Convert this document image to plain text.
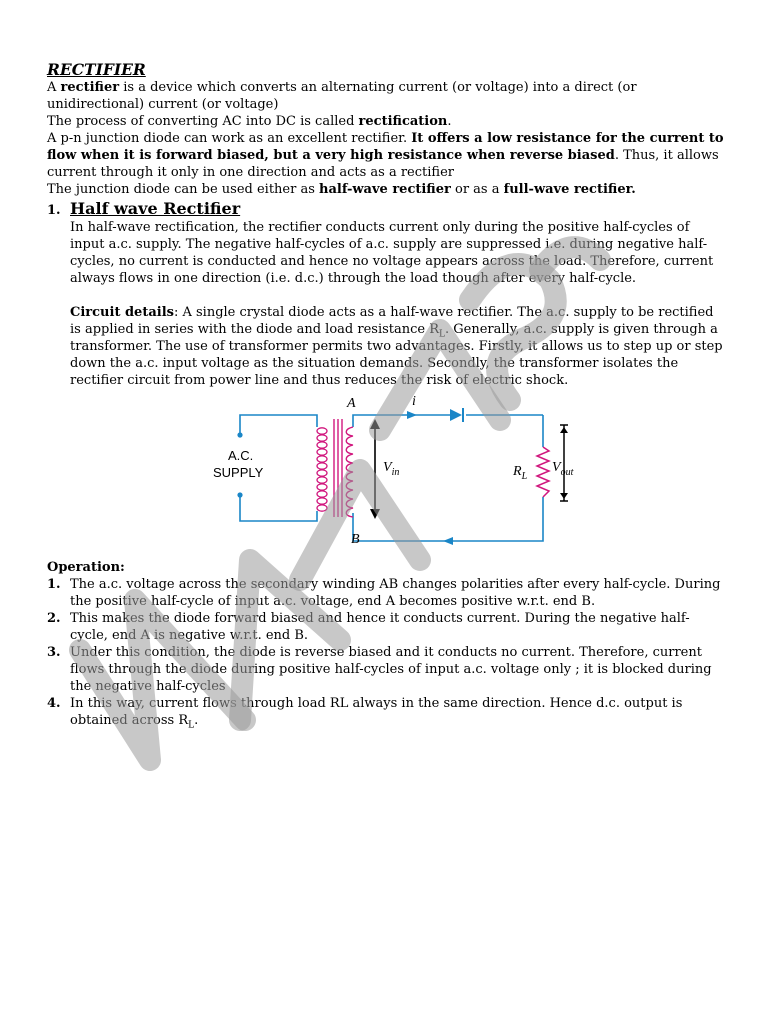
RECTIFIER

A rectifier is a device which converts an alternating current (or voltage) into a direct (or unidirectional) current (or voltage)

The process of converting AC into DC is called rectification.

A p-n junction diode can work as an excellent rectifier. It offers a low resistance for the current to flow when it is forward biased, but a very high resistance when reverse biased. Thus, it allows current through it only in one direction and acts as a rectifier

The junction diode can be used either as half-wave rectifier or as a full-wave rectifier.

1. Half wave Rectifier

In half-wave rectification, the rectifier conducts current only during the positive half-cycles of input a.c. supply. The negative half-cycles of a.c. supply are suppressed i.e. during negative half-cycles, no current is conducted and hence no voltage appears across the load. Therefore, current always flows in one direction (i.e. d.c.) through the load though after every half-cycle.

Circuit details: A single crystal diode acts as a half-wave rectifier. The a.c. supply to be rectified is applied in series with the diode and load resistance $R_L$. Generally, a.c. supply is given through a transformer. The use of transformer permits two advantages. Firstly, it allows us to step up or step down the a.c. input voltage as the situation demands. Secondly, the transformer isolates the rectifier circuit from power line and thus reduces the risk of electric shock.

A.C.
SUPPLY
A
B
i
$V_{in}$	$R_L$
$V_{out}$
Operation:
1. The a.c. voltage across the secondary winding AB changes polarities after every half-cycle. During the positive half-cycle of input a.c. voltage, end A becomes positive w.r.t. end B.
2. This makes the diode forward biased and hence it conducts current. During the negative half-cycle, end A is negative w.r.t. end B.
3. Under this condition, the diode is reverse biased and it conducts no current. Therefore, current flows through the diode during positive half-cycles of input a.c. voltage only ; it is blocked during the negative half-cycles
4. In this way, current flows through load RL always in the same direction. Hence d.c. output is obtained across $R_L$.
